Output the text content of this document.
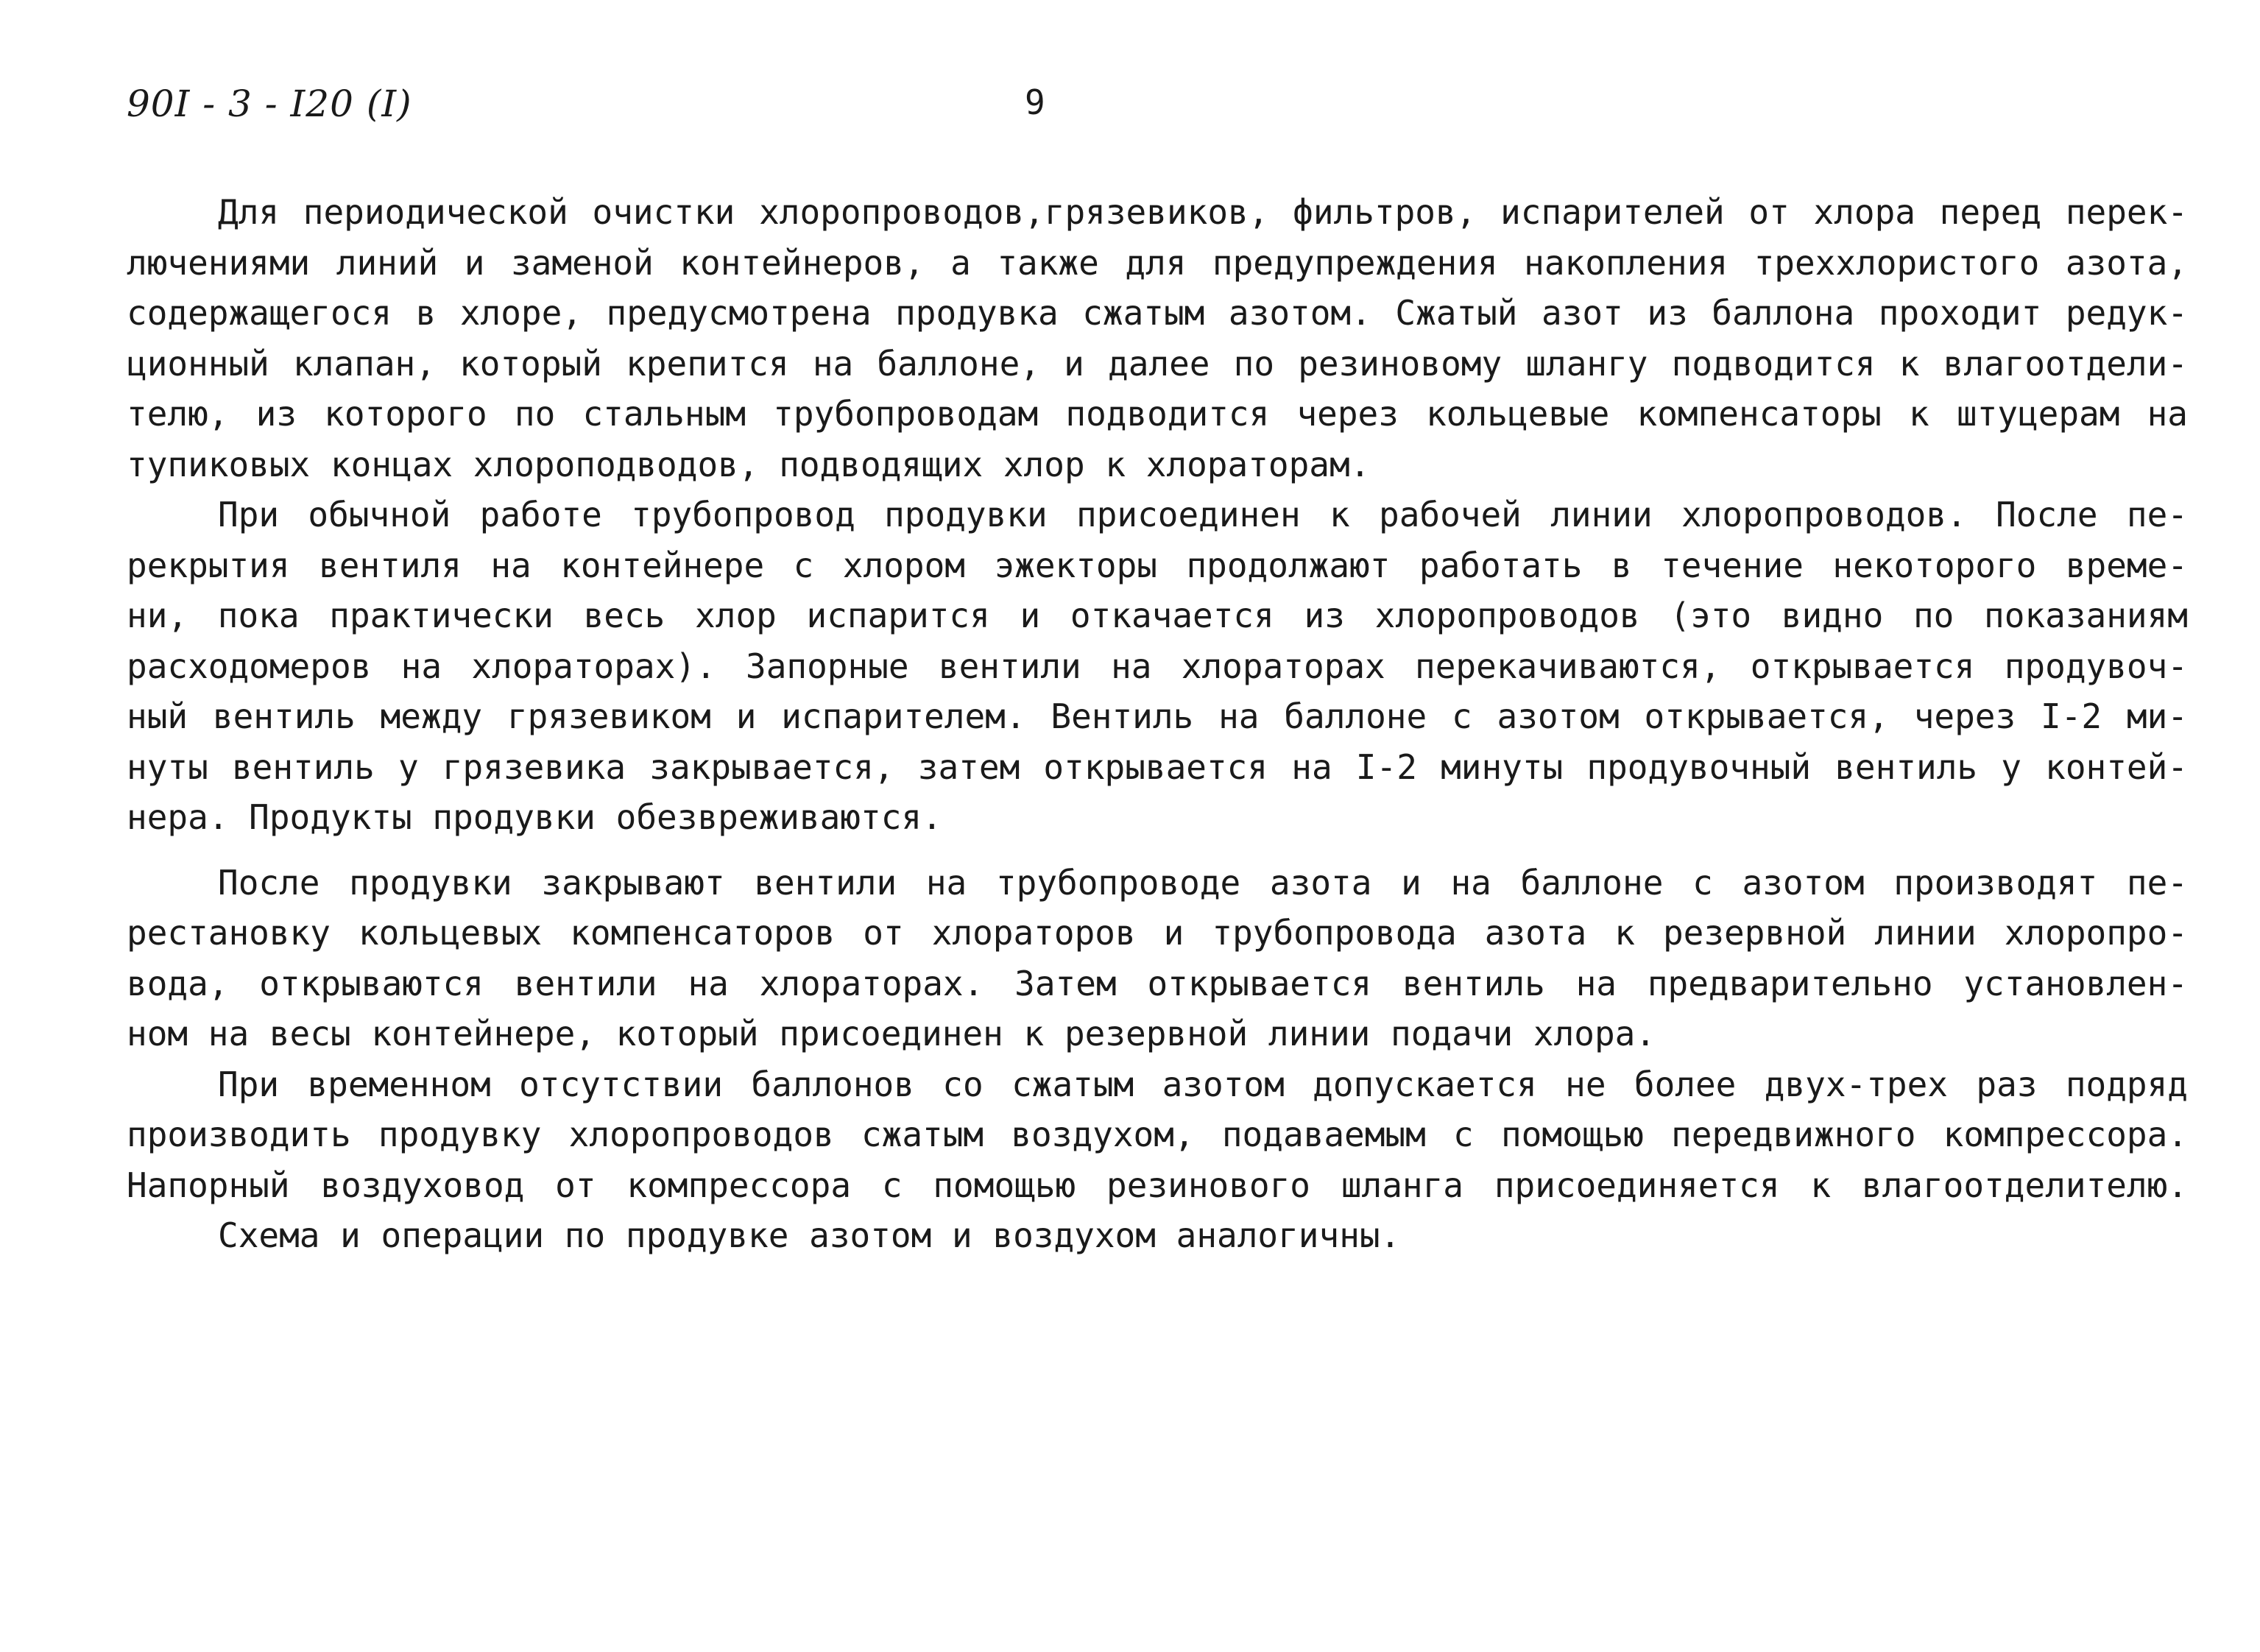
90I - 3 - I20 (I)	9
Для периодической очистки хлоропроводов,грязевиков, фильтров, испарителей от хлора перед перек-
лючениями линий и заменой контейнеров, а также для предупреждения накопления треххлористого азота,
содержащегося в хлоре, предусмотрена продувка сжатым азотом. Сжатый азот из баллона проходит редук-
ционный клапан, который крепится на баллоне, и далее по резиновому шлангу подводится к влагоотдели-
телю, из которого по стальным трубопроводам подводится через кольцевые компенсаторы к штуцерам на
тупиковых концах хлороподводов, подводящих хлор к хлораторам.
При обычной работе трубопровод продувки присоединен к рабочей линии хлоропроводов. После пе-
рекрытия вентиля на контейнере с хлором эжекторы продолжают работать в течение некоторого време-
ни, пока практически весь хлор испарится и откачается из хлоропроводов (это видно по показаниям
расходомеров на хлораторах). Запорные вентили на хлораторах перекачиваются, открывается продувоч-
ный вентиль между грязевиком и испарителем. Вентиль на баллоне с азотом открывается, через I-2 ми-
нуты вентиль у грязевика закрывается, затем открывается на I-2 минуты продувочный вентиль у контей-
нера. Продукты продувки обезвреживаются.
После продувки закрывают вентили на трубопроводе азота и на баллоне с азотом производят пе-
рестановку кольцевых компенсаторов от хлораторов и трубопровода азота к резервной линии хлоропро-
вода, открываются вентили на хлораторах. Затем открывается вентиль на предварительно установлен-
ном на весы контейнере, который присоединен к резервной линии подачи хлора.
При временном отсутствии баллонов со сжатым азотом допускается не более двух-трех раз подряд
производить продувку хлоропроводов сжатым воздухом, подаваемым с помощью передвижного компрессора.
Напорный воздуховод от компрессора с помощью резинового шланга присоединяется к влагоотделителю.
Схема и операции по продувке азотом и воздухом аналогичны.
